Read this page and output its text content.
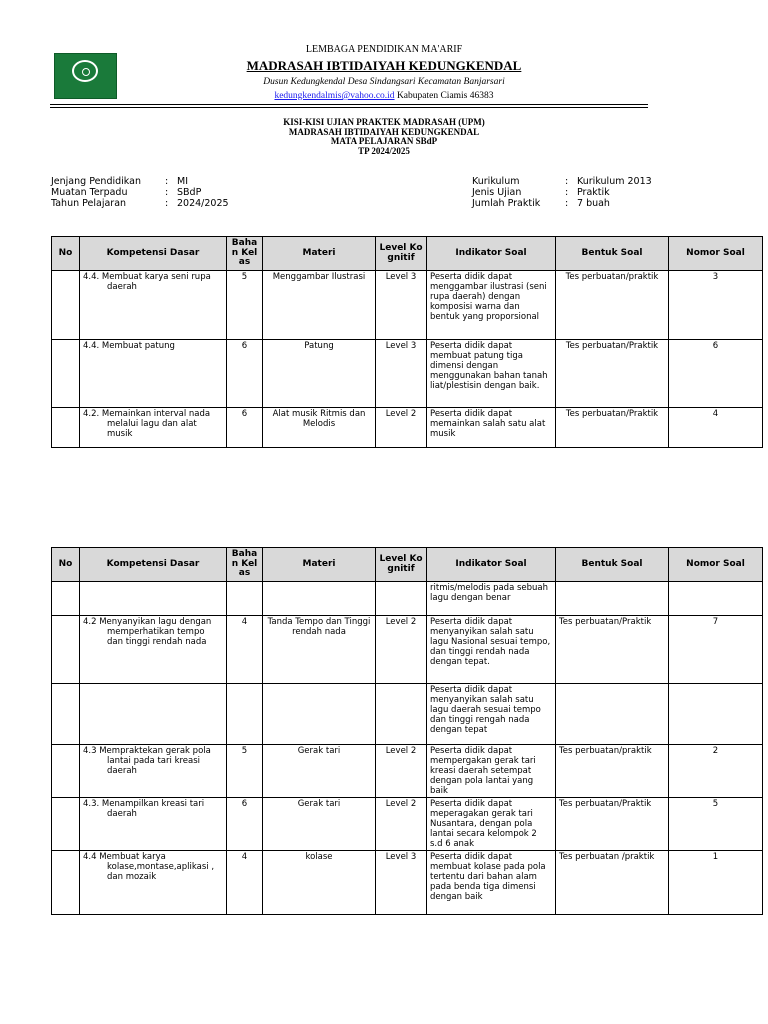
LP MA'ARIF NU
LEMBAGA PENDIDIKAN MA'ARIF
MADRASAH IBTIDAIYAH KEDUNGKENDAL
Dusun Kedungkendal Desa Sindangsari Kecamatan Banjarsari
kedungkendalmis@vahoo.co.id Kabupaten Ciamis 46383
KISI-KISI UJIAN PRAKTEK MADRASAH (UPM)
MADRASAH IBTIDAIYAH KEDUNGKENDAL
MATA PELAJARAN SBdP
TP 2024/2025
Jenjang Pendidikan	: MI
Muatan Terpadu	: SBdP
Tahun Pelajaran	: 2024/2025
Kurikulum	: Kurikulum 2013
Jenis Ujian	: Praktik
Jumlah Praktik	: 7 buah
No	Kompetensi Dasar	Bahan Kelas	Materi	Level Kognitif	Indikator Soal	Bentuk Soal	Nomor Soal

	4.4. Membuat karya seni rupa daerah	5	Menggambar Ilustrasi	Level 3	Peserta didik dapat menggambar ilustrasi (seni rupa daerah) dengan komposisi warna dan bentuk yang proporsional	Tes perbuatan/praktik	3

	4.4. Membuat patung	6	Patung	Level 3	Peserta didik dapat membuat patung tiga dimensi dengan menggunakan bahan tanah liat/plestisin dengan baik.	Tes perbuatan/Praktik	6

	4.2. Memainkan interval nada melalui lagu dan alat musik	6	Alat musik Ritmis dan Melodis	Level 2	Peserta didik dapat memainkan salah satu alat musik	Tes perbuatan/Praktik	4
No	Kompetensi Dasar	Bahan Kelas	Materi	Level Kognitif	Indikator Soal	Bentuk Soal	Nomor Soal
					ritmis/melodis pada sebuah lagu dengan benar		

	4.2 Menyanyikan lagu dengan memperhatikan tempo dan tinggi rendah nada	4	Tanda Tempo dan Tinggi rendah nada	Level 2	Peserta didik dapat menyanyikan salah satu lagu Nasional sesuai tempo, dan tinggi rendah nada dengan tepat.	Tes perbuatan/Praktik	7
					Peserta didik dapat menyanyikan salah satu lagu daerah sesuai tempo dan tinggi rengah nada dengan tepat		

	4.3 Mempraktekan gerak pola lantai pada tari kreasi daerah	5	Gerak tari	Level 2	Peserta didik dapat mempergakan gerak tari kreasi daerah setempat dengan pola lantai yang baik	Tes perbuatan/praktik	2

	4.3. Menampilkan kreasi tari daerah	6	Gerak tari	Level 2	Peserta didik dapat meperagakan gerak tari Nusantara, dengan pola lantai secara kelompok 2 s.d 6 anak	Tes perbuatan/Praktik	5

	4.4 Membuat karya kolase,montase,aplikasi , dan mozaik	4	kolase	Level 3	Peserta didik dapat membuat kolase pada pola tertentu dari bahan alam pada benda tiga dimensi dengan baik	Tes perbuatan /praktik	1
